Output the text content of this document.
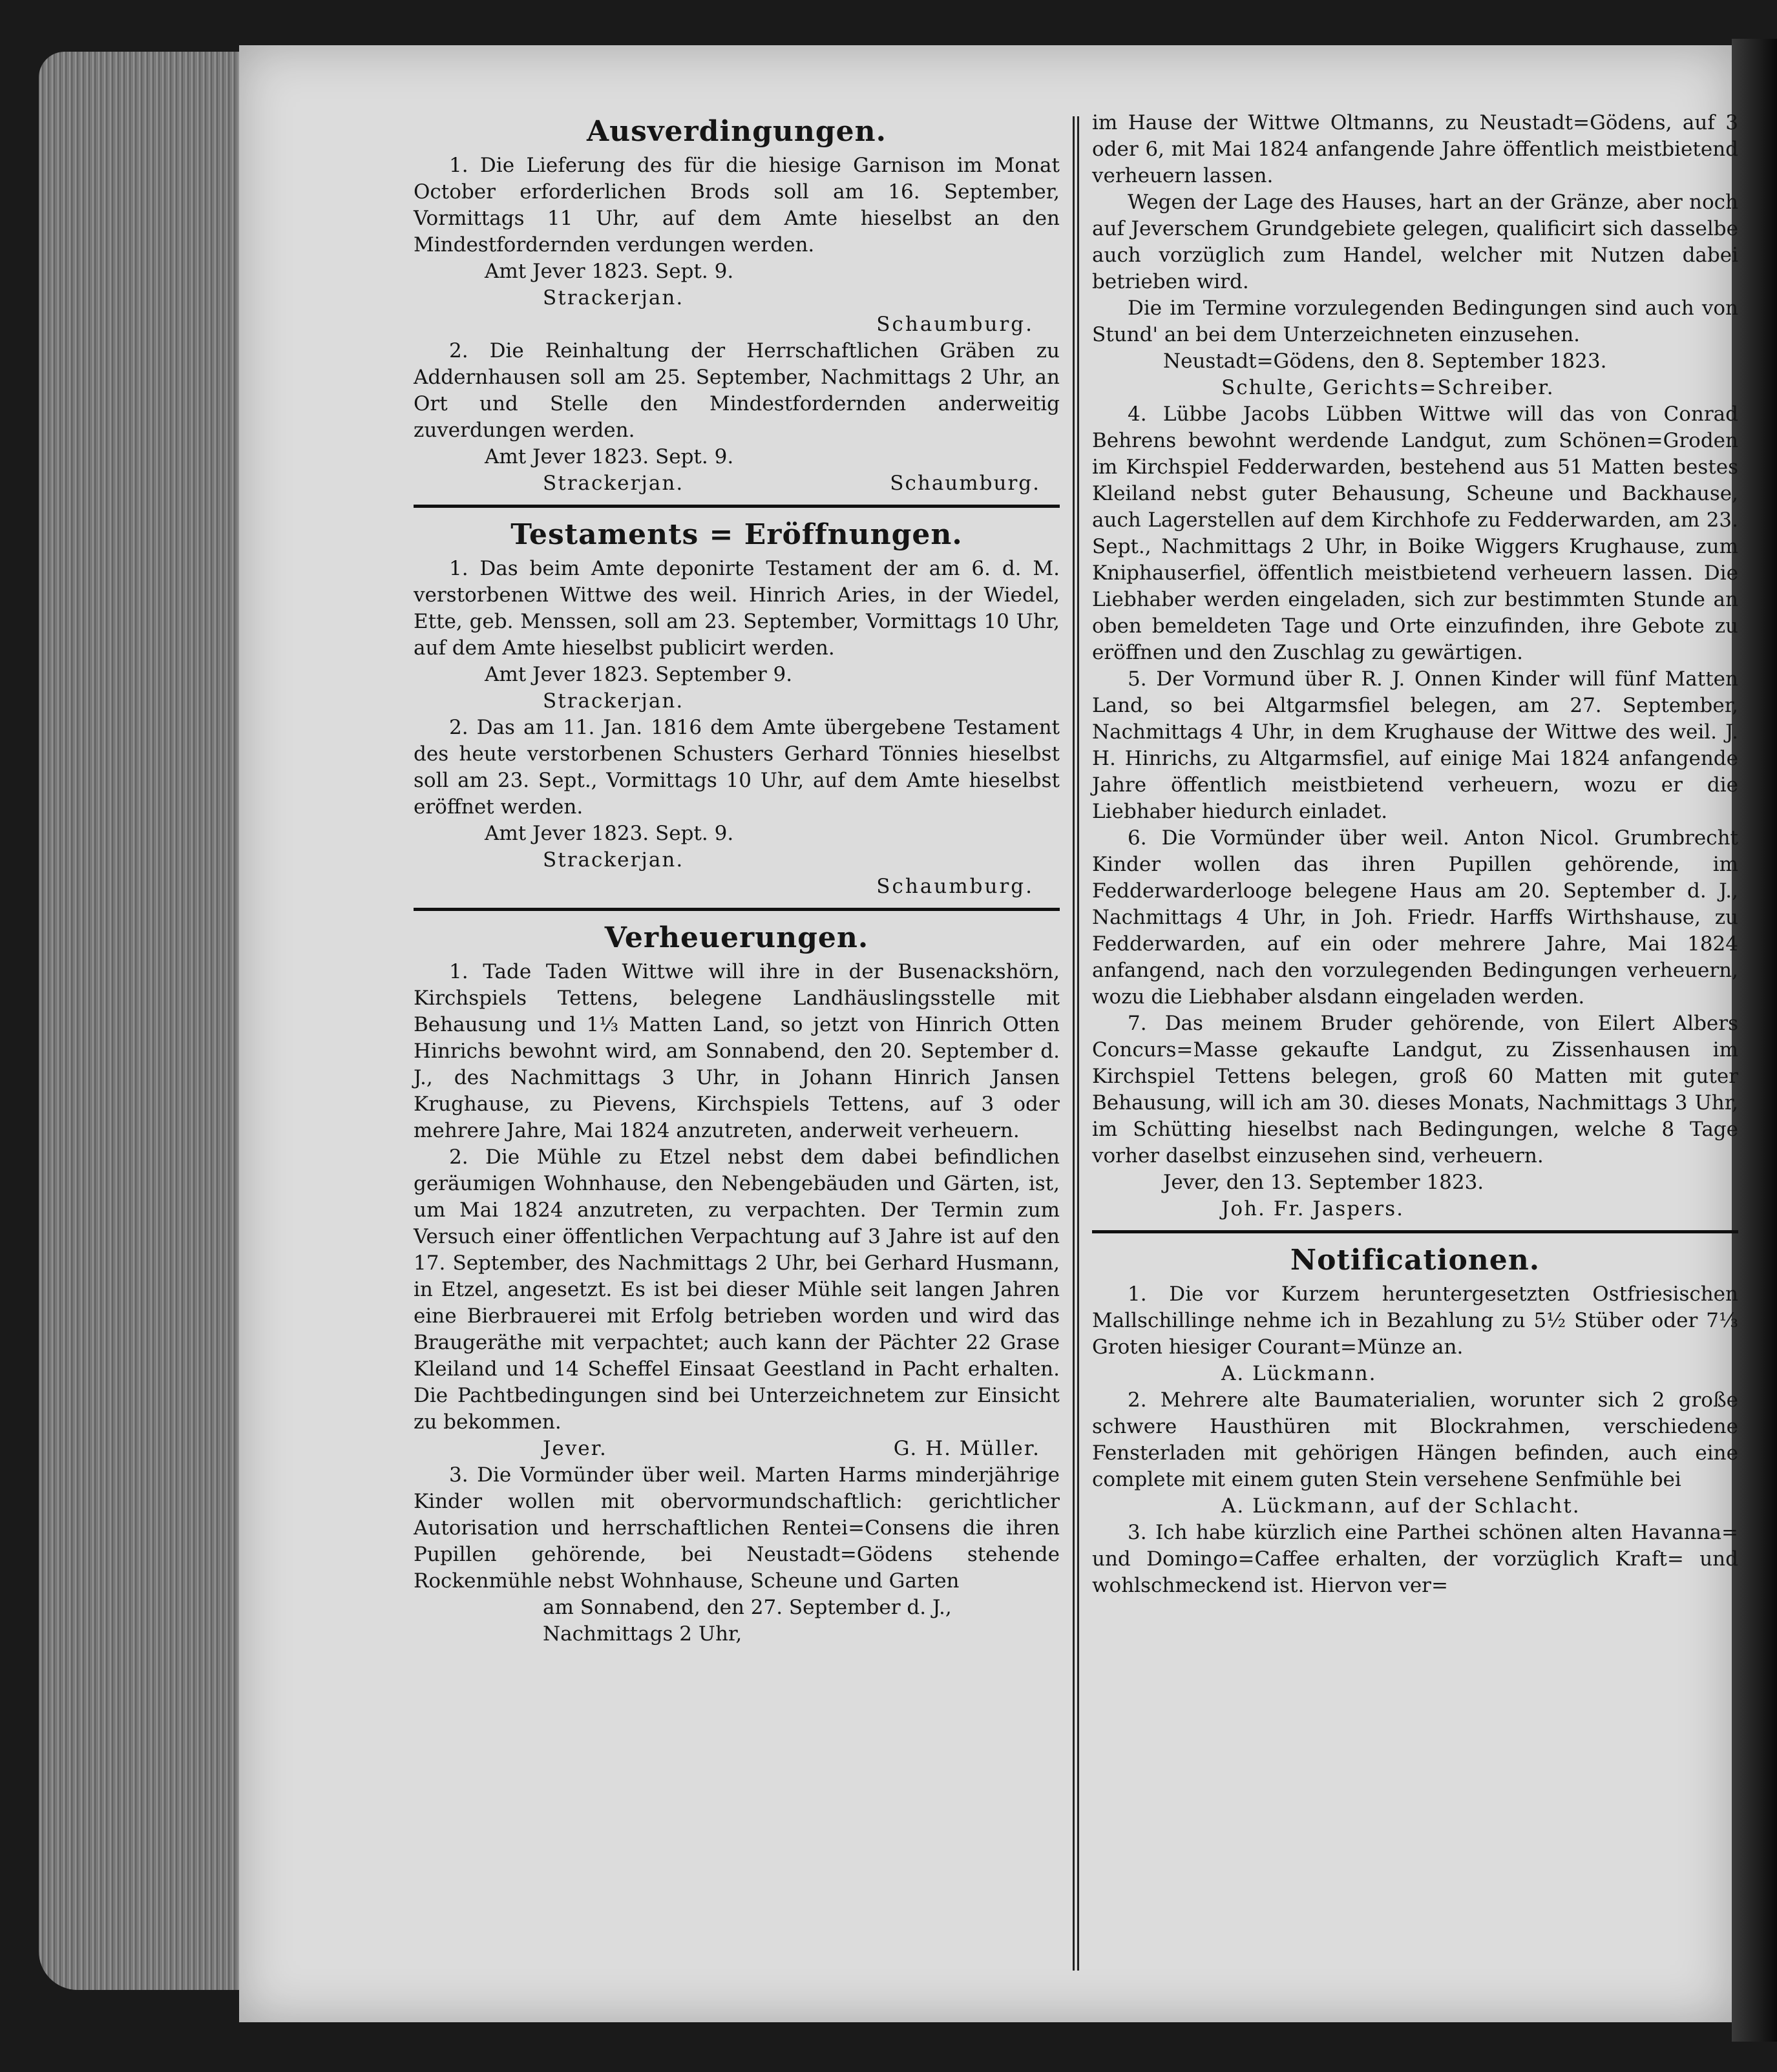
Ausverdingungen.

1. Die Lieferung des für die hiesige Garnison im Monat October erforderlichen Brods soll am 16. September, Vormittags 11 Uhr, auf dem Amte hieselbst an den Mindestfordernden verdungen werden.

Amt Jever 1823. Sept. 9.

Strackerjan.

Schaumburg.

2. Die Reinhaltung der Herrschaftlichen Gräben zu Addernhausen soll am 25. September, Nachmittags 2 Uhr, an Ort und Stelle den Mindestfordernden anderweitig zuverdungen werden.

Amt Jever 1823. Sept. 9.

Strackerjan.	Schaumburg.
Testaments = Eröffnungen.

1. Das beim Amte deponirte Testament der am 6. d. M. verstorbenen Wittwe des weil. Hinrich Aries, in der Wiedel, Ette, geb. Menssen, soll am 23. September, Vormittags 10 Uhr, auf dem Amte hieselbst publicirt werden.

Amt Jever 1823. September 9.

Strackerjan.

2. Das am 11. Jan. 1816 dem Amte übergebene Testament des heute verstorbenen Schusters Gerhard Tönnies hieselbst soll am 23. Sept., Vormittags 10 Uhr, auf dem Amte hieselbst eröffnet werden.

Amt Jever 1823. Sept. 9.

Strackerjan.

Schaumburg.

Verheuerungen.

1. Tade Taden Wittwe will ihre in der Busenackshörn, Kirchspiels Tettens, belegene Landhäuslingsstelle mit Behausung und 1⅓ Matten Land, so jetzt von Hinrich Otten Hinrichs bewohnt wird, am Sonnabend, den 20. September d. J., des Nachmittags 3 Uhr, in Johann Hinrich Jansen Krughause, zu Pievens, Kirchspiels Tettens, auf 3 oder mehrere Jahre, Mai 1824 anzutreten, anderweit verheuern.

2. Die Mühle zu Etzel nebst dem dabei befindlichen geräumigen Wohnhause, den Nebengebäuden und Gärten, ist, um Mai 1824 anzutreten, zu verpachten. Der Termin zum Versuch einer öffentlichen Verpachtung auf 3 Jahre ist auf den 17. September, des Nachmittags 2 Uhr, bei Gerhard Husmann, in Etzel, angesetzt. Es ist bei dieser Mühle seit langen Jahren eine Bierbrauerei mit Erfolg betrieben worden und wird das Braugeräthe mit verpachtet; auch kann der Pächter 22 Grase Kleiland und 14 Scheffel Einsaat Geestland in Pacht erhalten. Die Pachtbedingungen sind bei Unterzeichnetem zur Einsicht zu bekommen.

Jever.	G. H. Müller.

3. Die Vormünder über weil. Marten Harms minderjährige Kinder wollen mit obervormundschaftlich: gerichtlicher Autorisation und herrschaftlichen Rentei=Consens die ihren Pupillen gehörende, bei Neustadt=Gödens stehende Rockenmühle nebst Wohnhause, Scheune und Garten

am Sonnabend, den 27. September d. J., Nachmittags 2 Uhr,

im Hause der Wittwe Oltmanns, zu Neustadt=Gödens, auf 3 oder 6, mit Mai 1824 anfangende Jahre öffentlich meistbietend verheuern lassen.

Wegen der Lage des Hauses, hart an der Gränze, aber noch auf Jeverschem Grundgebiete gelegen, qualificirt sich dasselbe auch vorzüglich zum Handel, welcher mit Nutzen dabei betrieben wird.

Die im Termine vorzulegenden Bedingungen sind auch von Stund' an bei dem Unterzeichneten einzusehen.

Neustadt=Gödens, den 8. September 1823.

Schulte, Gerichts=Schreiber.

4. Lübbe Jacobs Lübben Wittwe will das von Conrad Behrens bewohnt werdende Landgut, zum Schönen=Groden im Kirchspiel Fedderwarden, bestehend aus 51 Matten bestes Kleiland nebst guter Behausung, Scheune und Backhause, auch Lagerstellen auf dem Kirchhofe zu Fedderwarden, am 23. Sept., Nachmittags 2 Uhr, in Boike Wiggers Krughause, zum Kniphauserfiel, öffentlich meistbietend verheuern lassen. Die Liebhaber werden eingeladen, sich zur bestimmten Stunde an oben bemeldeten Tage und Orte einzufinden, ihre Gebote zu eröffnen und den Zuschlag zu gewärtigen.

5. Der Vormund über R. J. Onnen Kinder will fünf Matten Land, so bei Altgarmsfiel belegen, am 27. September, Nachmittags 4 Uhr, in dem Krughause der Wittwe des weil. J. H. Hinrichs, zu Altgarmsfiel, auf einige Mai 1824 anfangende Jahre öffentlich meistbietend verheuern, wozu er die Liebhaber hiedurch einladet.

6. Die Vormünder über weil. Anton Nicol. Grumbrecht Kinder wollen das ihren Pupillen gehörende, im Fedderwarderlooge belegene Haus am 20. September d. J., Nachmittags 4 Uhr, in Joh. Friedr. Harffs Wirthshause, zu Fedderwarden, auf ein oder mehrere Jahre, Mai 1824 anfangend, nach den vorzulegenden Bedingungen verheuern, wozu die Liebhaber alsdann eingeladen werden.

7. Das meinem Bruder gehörende, von Eilert Albers Concurs=Masse gekaufte Landgut, zu Zissenhausen im Kirchspiel Tettens belegen, groß 60 Matten mit guter Behausung, will ich am 30. dieses Monats, Nachmittags 3 Uhr, im Schütting hieselbst nach Bedingungen, welche 8 Tage vorher daselbst einzusehen sind, verheuern.

Jever, den 13. September 1823.

Joh. Fr. Jaspers.

Notificationen.

1. Die vor Kurzem heruntergesetzten Ostfriesischen Mallschillinge nehme ich in Bezahlung zu 5½ Stüber oder 7⅓ Groten hiesiger Courant=Münze an.

A. Lückmann.

2. Mehrere alte Baumaterialien, worunter sich 2 große schwere Hausthüren mit Blockrahmen, verschiedene Fensterladen mit gehörigen Hängen befinden, auch eine complete mit einem guten Stein versehene Senfmühle bei

A. Lückmann, auf der Schlacht.

3. Ich habe kürzlich eine Parthei schönen alten Havanna= und Domingo=Caffee erhalten, der vorzüglich Kraft= und wohlschmeckend ist. Hiervon ver=
